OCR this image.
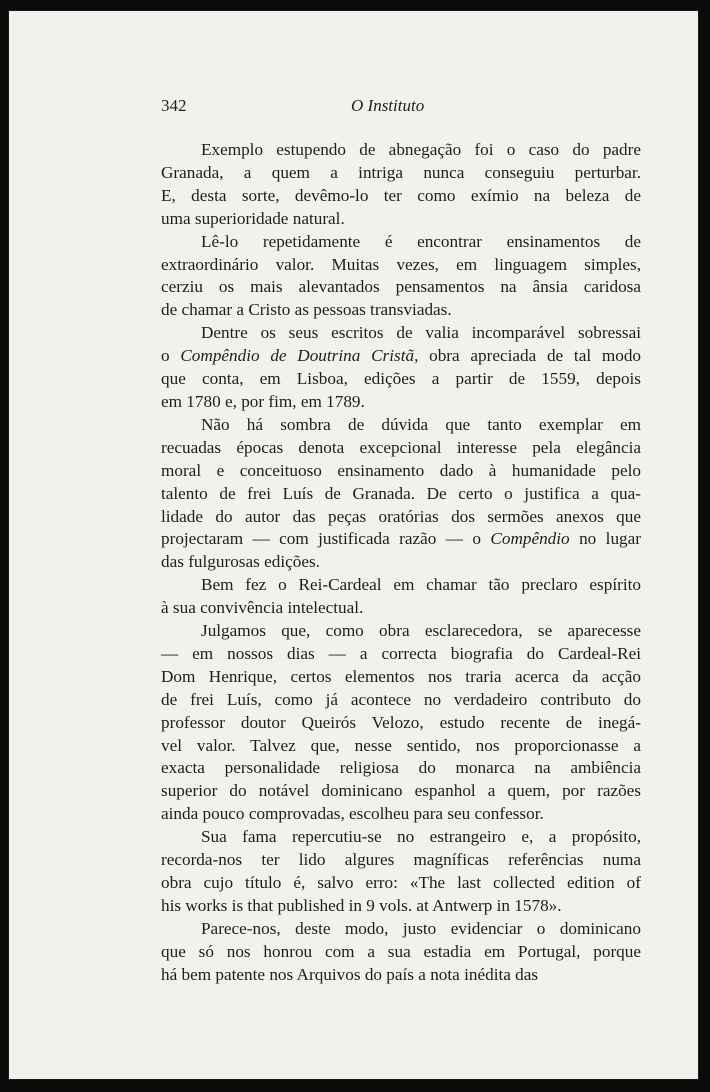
342	O Instituto

Exemplo estupendo de abnegação foi o caso do padre
Granada, a quem a intriga nunca conseguiu perturbar.
E, desta sorte, devêmo-lo ter como exímio na beleza de
uma superioridade natural.

Lê-lo repetidamente é encontrar ensinamentos de
extraordinário valor. Muitas vezes, em linguagem simples,
cerziu os mais alevantados pensamentos na ânsia caridosa
de chamar a Cristo as pessoas transviadas.

Dentre os seus escritos de valia incomparável sobressai
o Compêndio de Doutrina Cristã, obra apreciada de tal modo
que conta, em Lisboa, edições a partir de 1559, depois
em 1780 e, por fim, em 1789.

Não há sombra de dúvida que tanto exemplar em
recuadas épocas denota excepcional interesse pela elegância
moral e conceituoso ensinamento dado à humanidade pelo
talento de frei Luís de Granada. De certo o justifica a qua-
lidade do autor das peças oratórias dos sermões anexos que
projectaram — com justificada razão — o Compêndio no lugar
das fulgurosas edições.

Bem fez o Rei-Cardeal em chamar tão preclaro espírito
à sua convivência intelectual.

Julgamos que, como obra esclarecedora, se aparecesse
— em nossos dias — a correcta biografia do Cardeal-Rei
Dom Henrique, certos elementos nos traria acerca da acção
de frei Luís, como já acontece no verdadeiro contributo do
professor doutor Queirós Velozo, estudo recente de inegá-
vel valor. Talvez que, nesse sentido, nos proporcionasse a
exacta personalidade religiosa do monarca na ambiência
superior do notável dominicano espanhol a quem, por razões
ainda pouco comprovadas, escolheu para seu confessor.

Sua fama repercutiu-se no estrangeiro e, a propósito,
recorda-nos ter lido algures magníficas referências numa
obra cujo título é, salvo erro: «The last collected edition of
his works is that published in 9 vols. at Antwerp in 1578».

Parece-nos, deste modo, justo evidenciar o dominicano
que só nos honrou com a sua estadia em Portugal, porque
há bem patente nos Arquivos do país a nota inédita das
